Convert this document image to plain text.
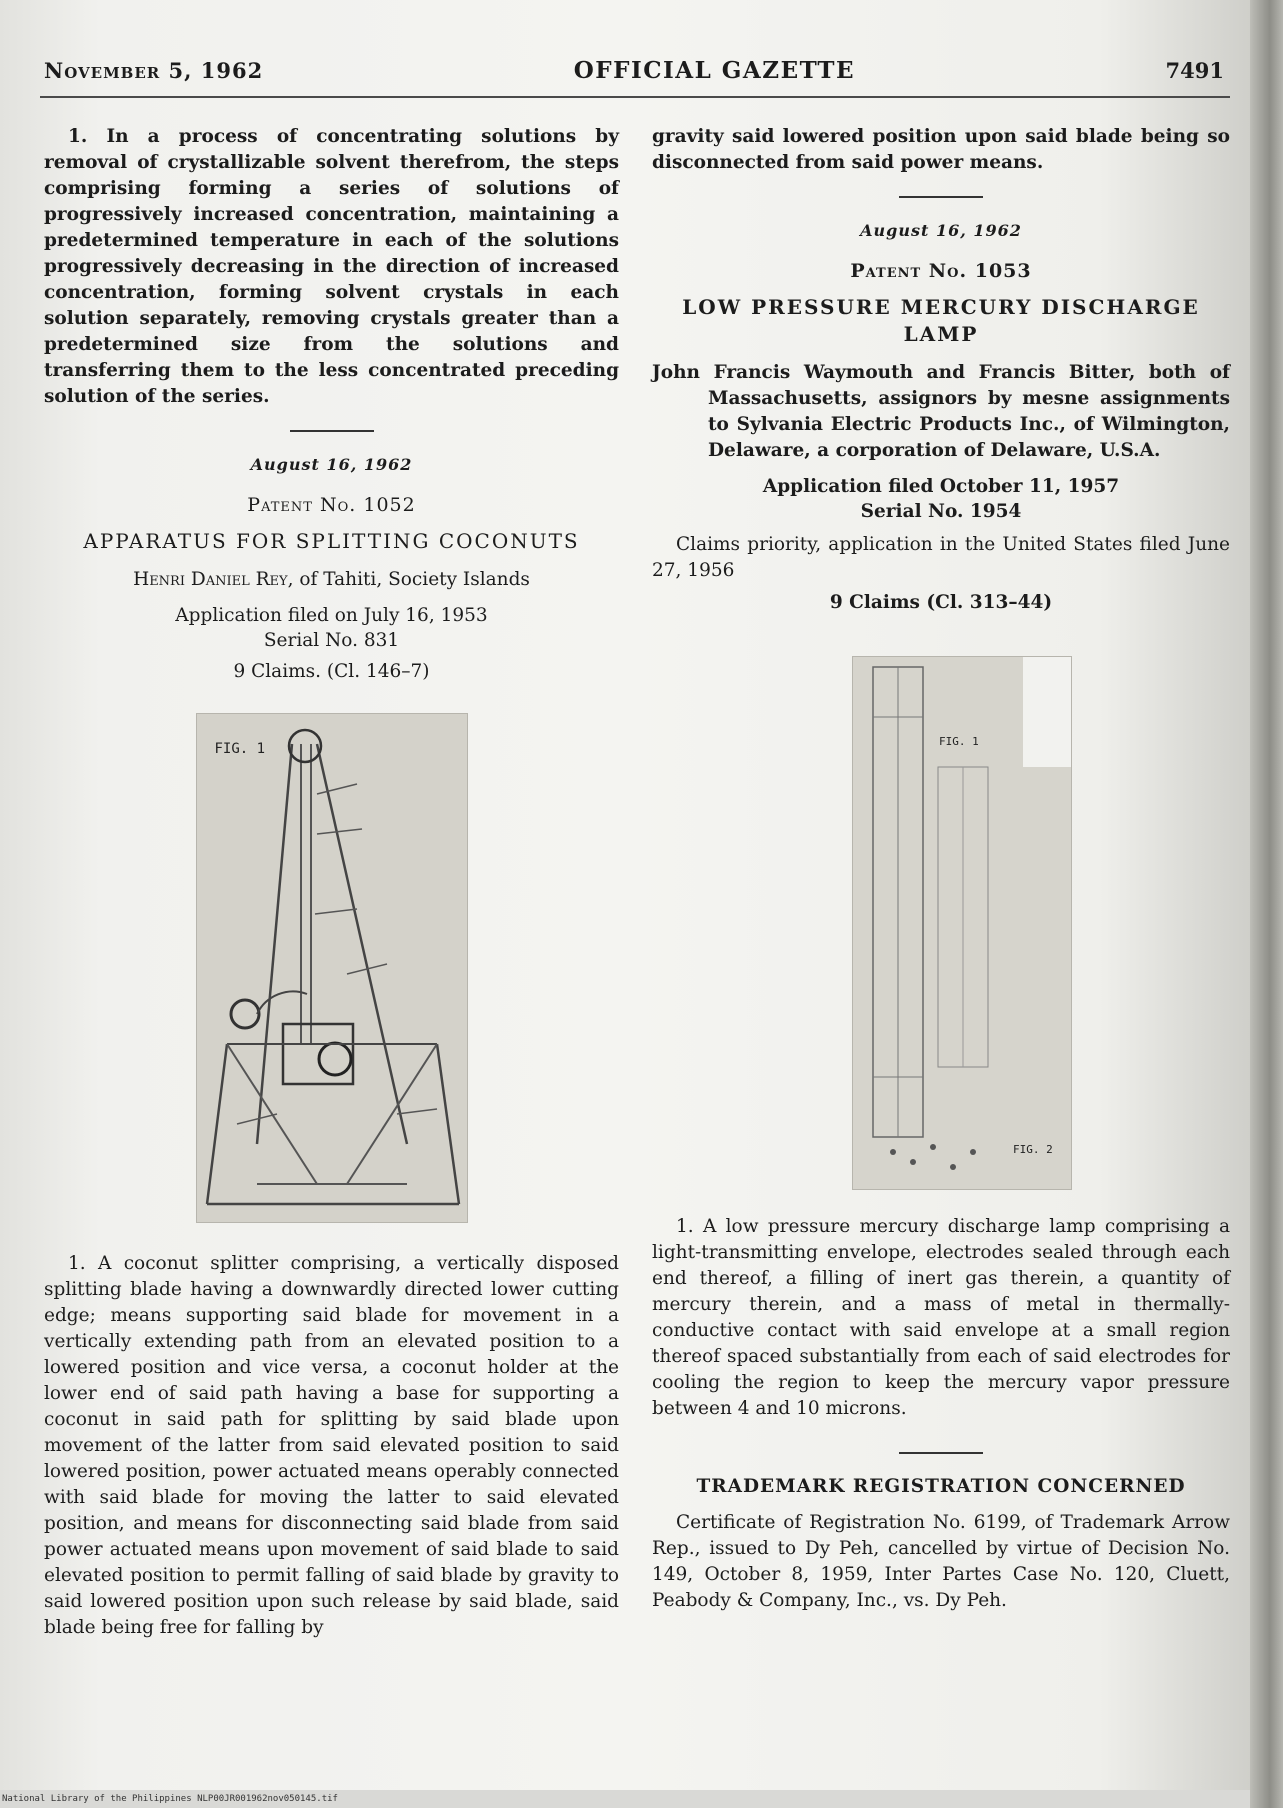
November 5, 1962	OFFICIAL GAZETTE	7491

1. In a process of concentrating solutions by removal of crystallizable solvent therefrom, the steps comprising forming a series of solutions of progressively increased concentration, maintaining a predetermined temperature in each of the solutions progressively decreasing in the direction of increased concentration, forming solvent crystals in each solution separately, removing crystals greater than a predetermined size from the solutions and transferring them to the less concentrated preceding solution of the series.

August 16, 1962
Patent No. 1052
APPARATUS FOR SPLITTING COCONUTS
Henri Daniel Rey, of Tahiti, Society Islands
Application filed on July 16, 1953
Serial No. 831
9 Claims. (Cl. 146–7)
FIG. 1

1. A coconut splitter comprising, a vertically disposed splitting blade having a downwardly directed lower cutting edge; means supporting said blade for movement in a vertically extending path from an elevated position to a lowered position and vice versa, a coconut holder at the lower end of said path having a base for supporting a coconut in said path for splitting by said blade upon movement of the latter from said elevated position to said lowered position, power actuated means operably connected with said blade for moving the latter to said elevated position, and means for disconnecting said blade from said power actuated means upon movement of said blade to said elevated position to permit falling of said blade by gravity to said lowered position upon such release by said blade, said blade being free for falling by

gravity said lowered position upon said blade being so disconnected from said power means.

August 16, 1962
Patent No. 1053
LOW PRESSURE MERCURY DISCHARGE LAMP

John Francis Waymouth and Francis Bitter, both of Massachusetts, assignors by mesne assignments to Sylvania Electric Products Inc., of Wilmington, Delaware, a corporation of Delaware, U.S.A.

Application filed October 11, 1957
Serial No. 1954

Claims priority, application in the United States filed June 27, 1956

9 Claims (Cl. 313–44)
FIG. 1
FIG. 2

1. A low pressure mercury discharge lamp comprising a light-transmitting envelope, electrodes sealed through each end thereof, a filling of inert gas therein, a quantity of mercury therein, and a mass of metal in thermally-conductive contact with said envelope at a small region thereof spaced substantially from each of said electrodes for cooling the region to keep the mercury vapor pressure between 4 and 10 microns.

TRADEMARK REGISTRATION CONCERNED

Certificate of Registration No. 6199, of Trademark Arrow Rep., issued to Dy Peh, cancelled by virtue of Decision No. 149, October 8, 1959, Inter Partes Case No. 120, Cluett, Peabody & Company, Inc., vs. Dy Peh.

National Library of the Philippines NLP00JR001962nov050145.tif
